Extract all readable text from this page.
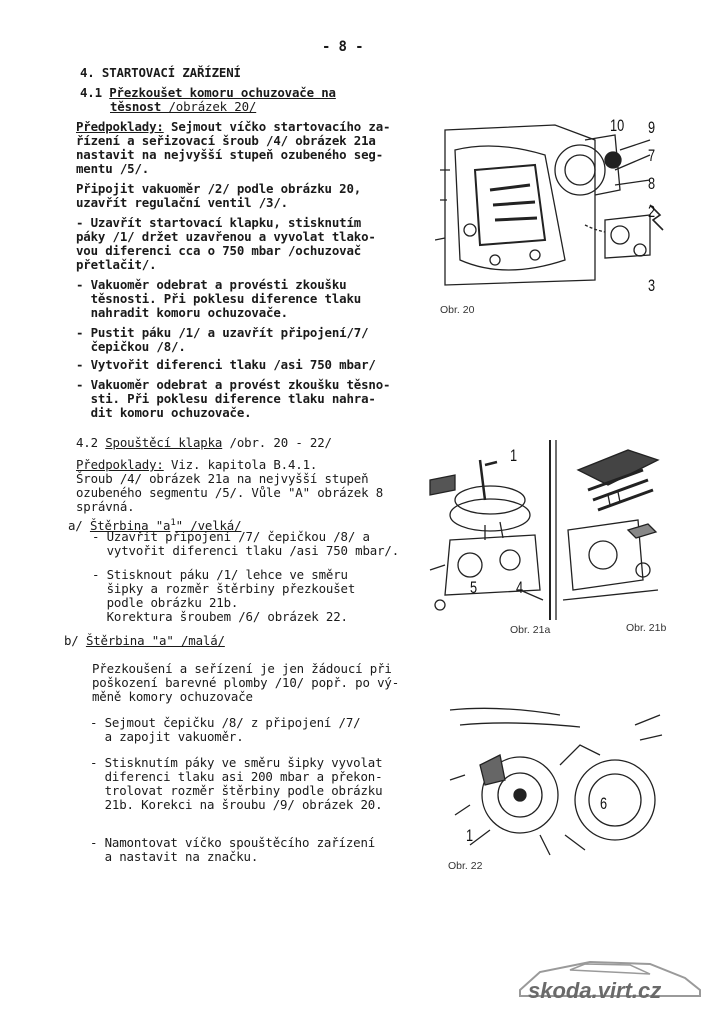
- 8 -
4. STARTOVACÍ ZAŘÍZENÍ
4.1 Přezkoušet komoru ochuzovače na
těsnost /obrázek 20/
Předpoklady: Sejmout víčko startovacího za-
řízení a seřizovací šroub /4/ obrázek 21a
nastavit na nejvyšší stupeň ozubeného seg-
mentu /5/.
Připojit vakuoměr /2/ podle obrázku 20,
uzavřít regulační ventil /3/.
- Uzavřít startovací klapku, stisknutím
páky /1/ držet uzavřenou a vyvolat tlako-
vou diferenci cca o 750 mbar /ochuzovač
přetlačit/.
- Vakuoměr odebrat a provésti zkoušku
těsnosti. Při poklesu diference tlaku
nahradit komoru ochuzovače.
- Pustit páku /1/ a uzavřít připojení/7/
čepičkou /8/.
- Vytvořit diferenci tlaku /asi 750 mbar/
- Vakuoměr odebrat a provést zkoušku těsno-
sti. Při poklesu diference tlaku nahra-
dit komoru ochuzovače.
4.2 Spouštěcí klapka /obr. 20 - 22/
Předpoklady: Viz. kapitola B.4.1.
Šroub /4/ obrázek 21a na nejvyšší stupeň
ozubeného segmentu /5/. Vůle "A" obrázek 8
správná.
a/ Štěrbina "$a^1$" /velká/
- Uzavřít připojení /7/ čepičkou /8/ a
vytvořit diferenci tlaku /asi 750 mbar/.
- Stisknout páku /1/ lehce ve směru
šipky a rozměr štěrbiny přezkoušet
podle obrázku 21b.
Korektura šroubem /6/ obrázek 22.
b/ Štěrbina "a" /malá/
Přezkoušení a seřízení je jen žádoucí při
poškození barevné plomby /10/ popř. po vý-
měně komory ochuzovače
- Sejmout čepičku /8/ z připojení /7/
a zapojit vakuoměr.
- Stisknutím páky ve směru šipky vyvolat
diferenci tlaku asi 200 mbar a překon-
trolovat rozměr štěrbiny podle obrázku
21b. Korekci na šroubu /9/ obrázek 20.
- Namontovat víčko spouštěcího zařízení
a nastavit na značku.
10 9
7
8
2
3
Obr. 20
1
5 4
Obr. 21a	Obr. 21b
6
1
Obr. 22
skoda.virt.cz
